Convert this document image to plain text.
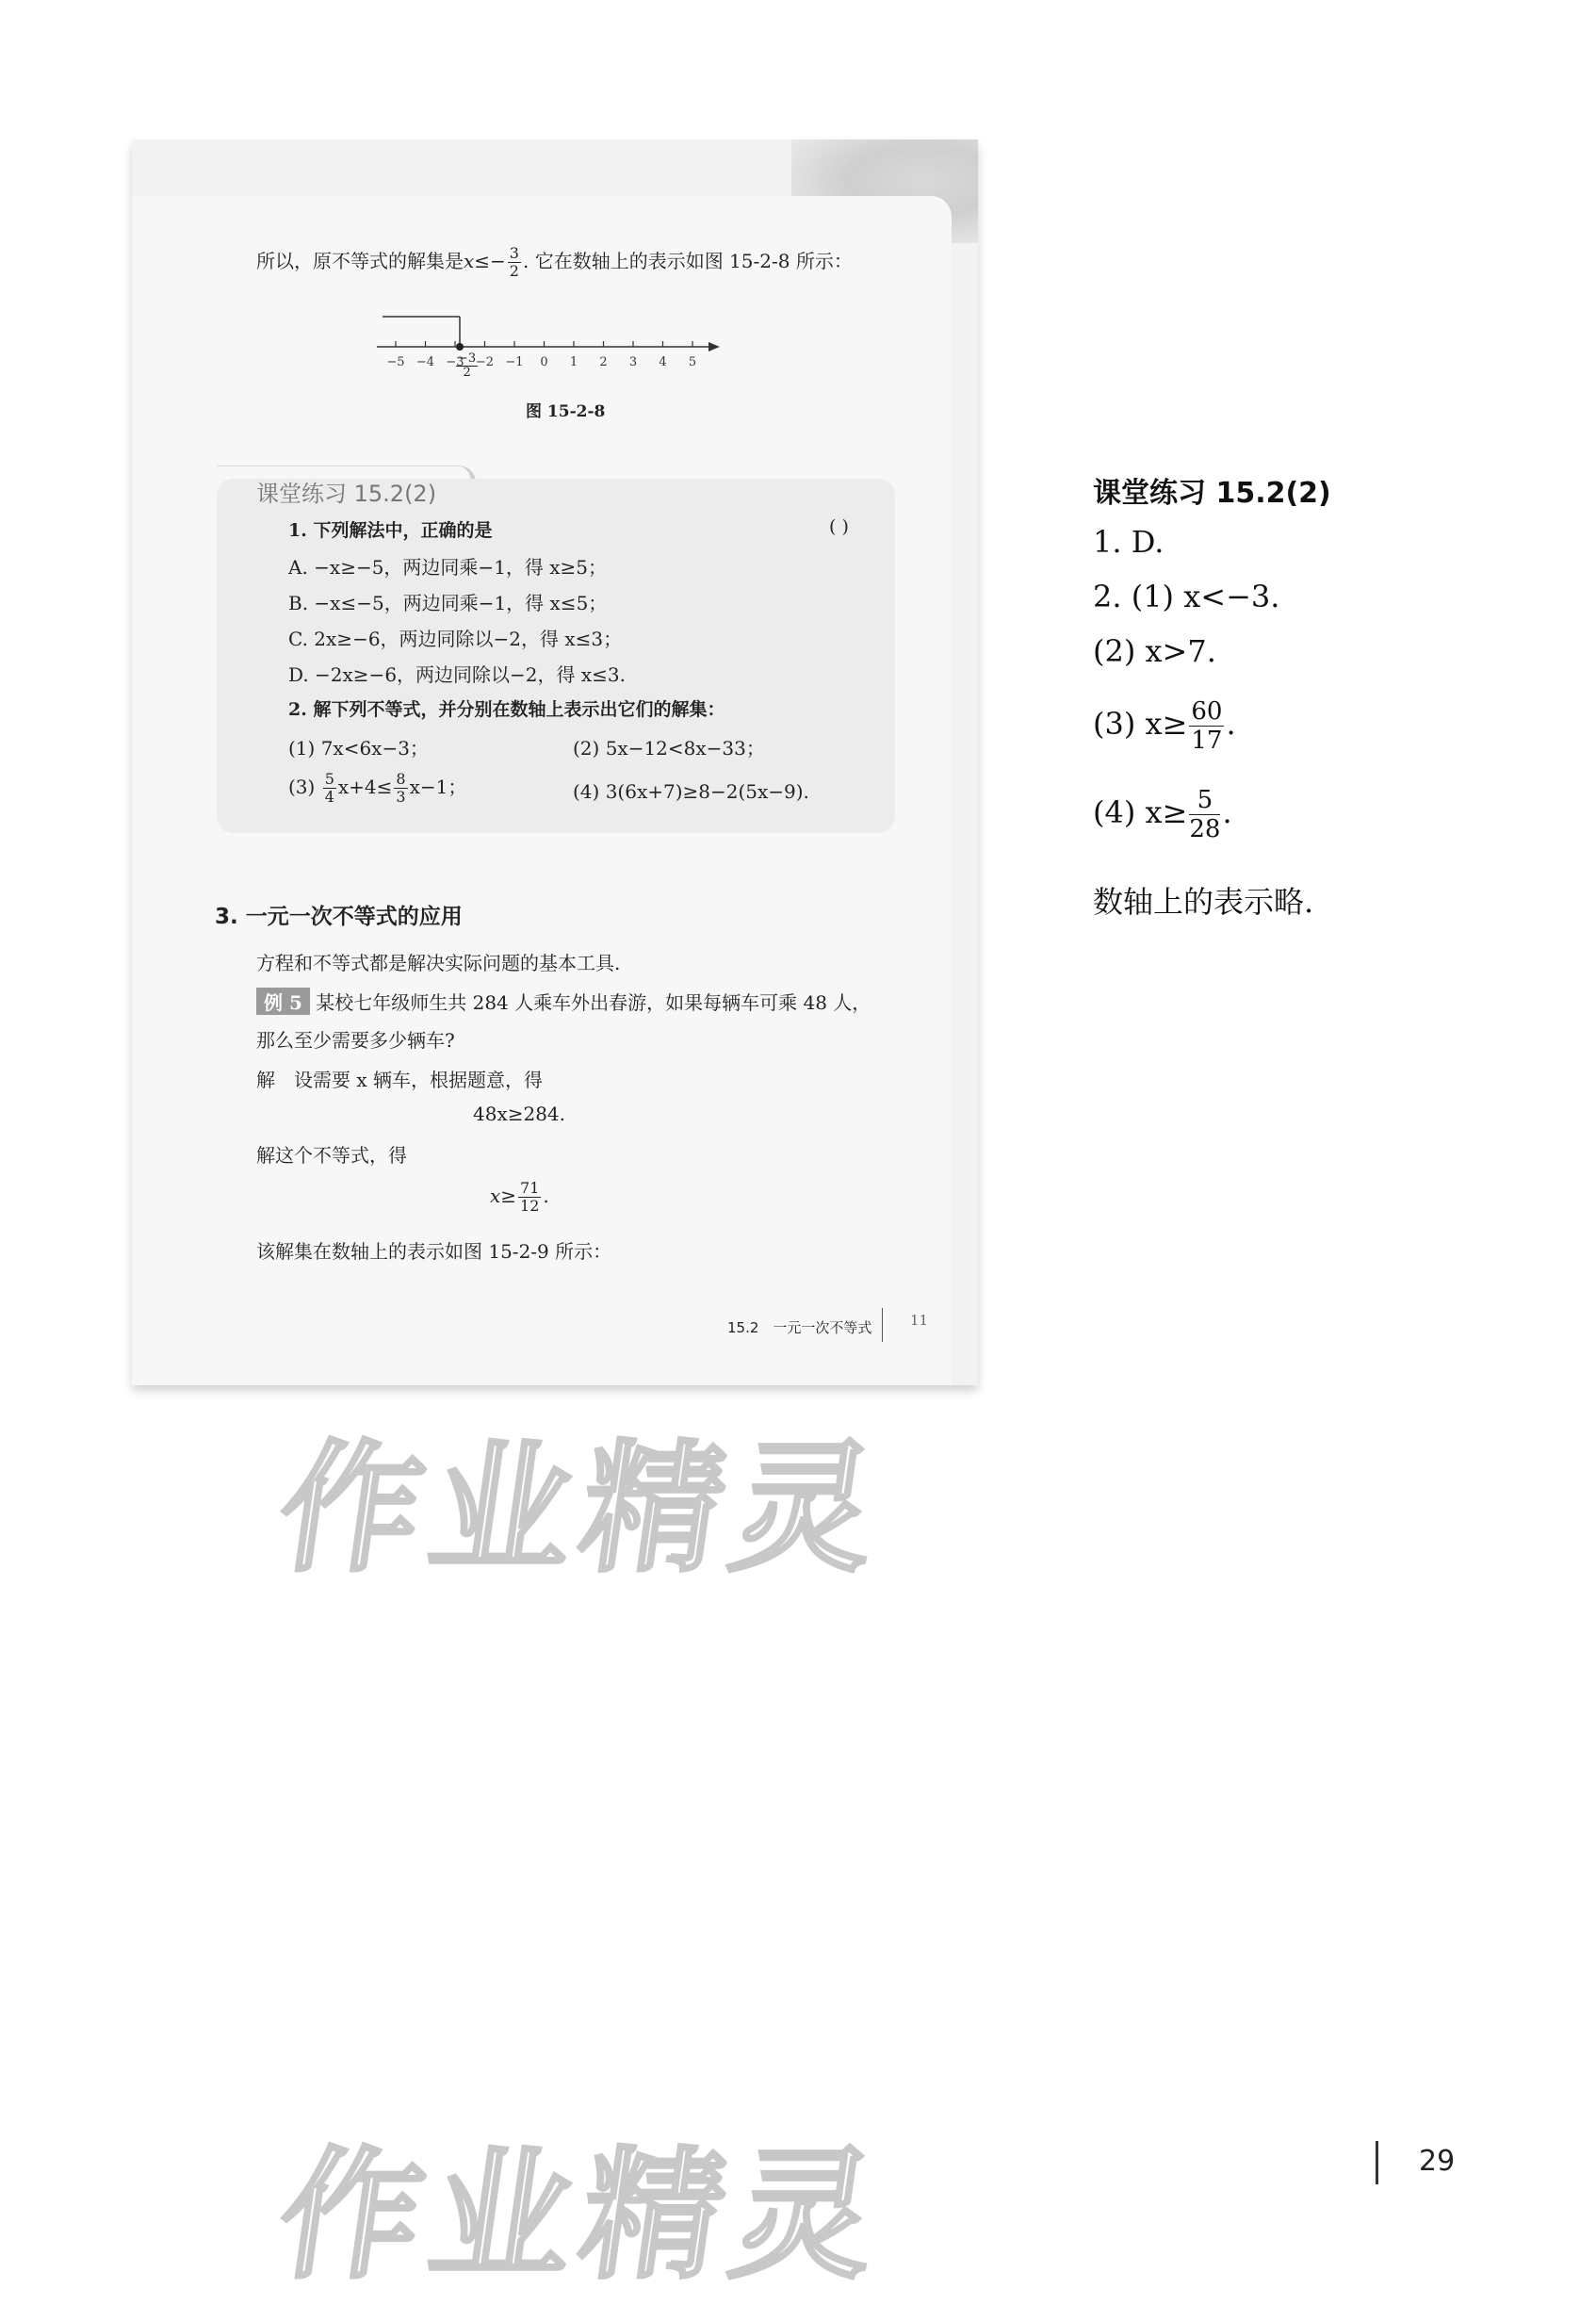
所以，原不等式的解集是$x\le- \frac{3}{2}$ . 它在数轴上的表示如图 15-2-8 所示：
−5 −4 −3 −2 −1 0 1 2 3 4 5
$\frac{-3}{2}$
图 15-2-8
课堂练习 15.2(2)
1. 下列解法中，正确的是	( )
A. −x≥−5，两边同乘−1，得 x≥5；
B. −x≤−5，两边同乘−1，得 x≤5；
C. 2x≥−6，两边同除以−2，得 x≤3；
D. −2x≥−6，两边同除以−2，得 x≤3.
2. 解下列不等式，并分别在数轴上表示出它们的解集：
(1) 7x<6x−3；	(2) 5x−12<8x−33；
$(3) \frac{5}{4} x+4\le \frac{8}{3} x-1$；	(4) 3(6x+7)≥8−2(5x−9).
3. 一元一次不等式的应用
方程和不等式都是解决实际问题的基本工具.
例 5 某校七年级师生共 284 人乘车外出春游，如果每辆车可乘 48 人，
那么至少需要多少辆车?
解　设需要 x 辆车，根据题意，得
48x≥284.
解这个不等式，得
$x\ge \frac{71}{12}$ .
该解集在数轴上的表示如图 15-2-9 所示：
15.2　一元一次不等式	11
课堂练习 15.2(2)
1. D.
2. (1) x<−3.
(2) x>7.
(3) $x\ge \frac{60}{17}$ .
(4) $x\ge \frac{5}{28}$ .
数轴上的表示略.
作业精灵
作业精灵	29
